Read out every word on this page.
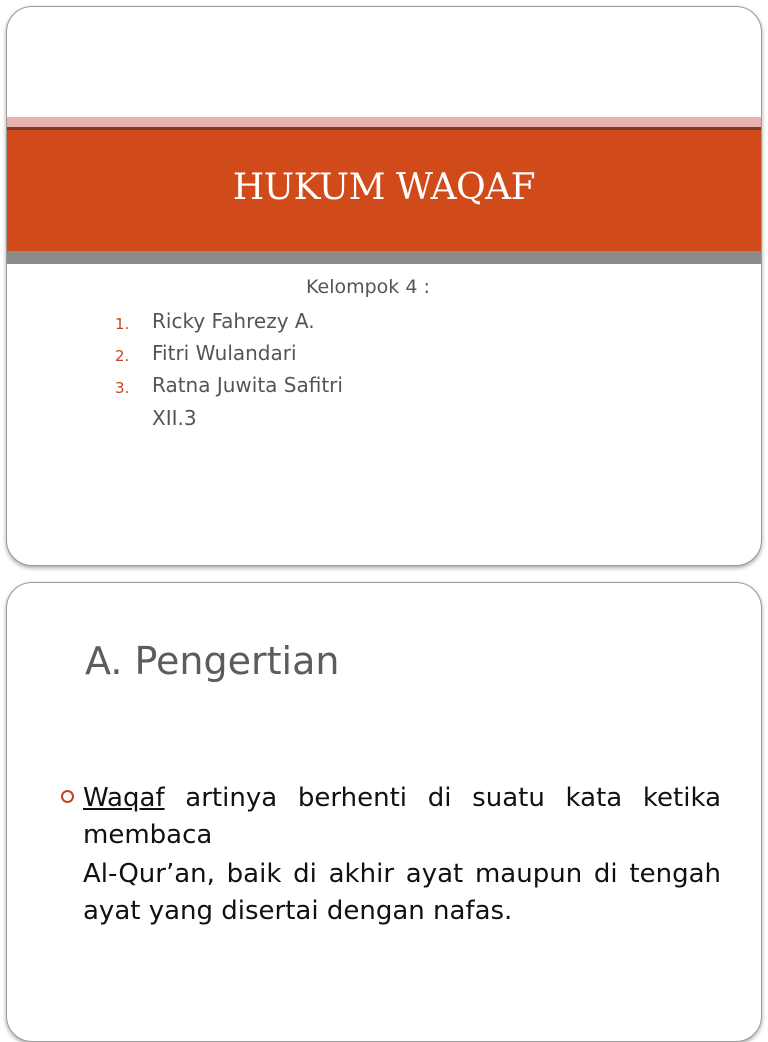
HUKUM WAQAF
Kelompok 4 :
1. Ricky Fahrezy A.
2. Fitri Wulandari
3. Ratna Juwita Safitri
XII.3
A. Pengertian
Waqaf artinya berhenti di suatu kata ketika membaca
Al-Qur’an, baik di akhir ayat maupun di tengah ayat yang disertai dengan nafas.
